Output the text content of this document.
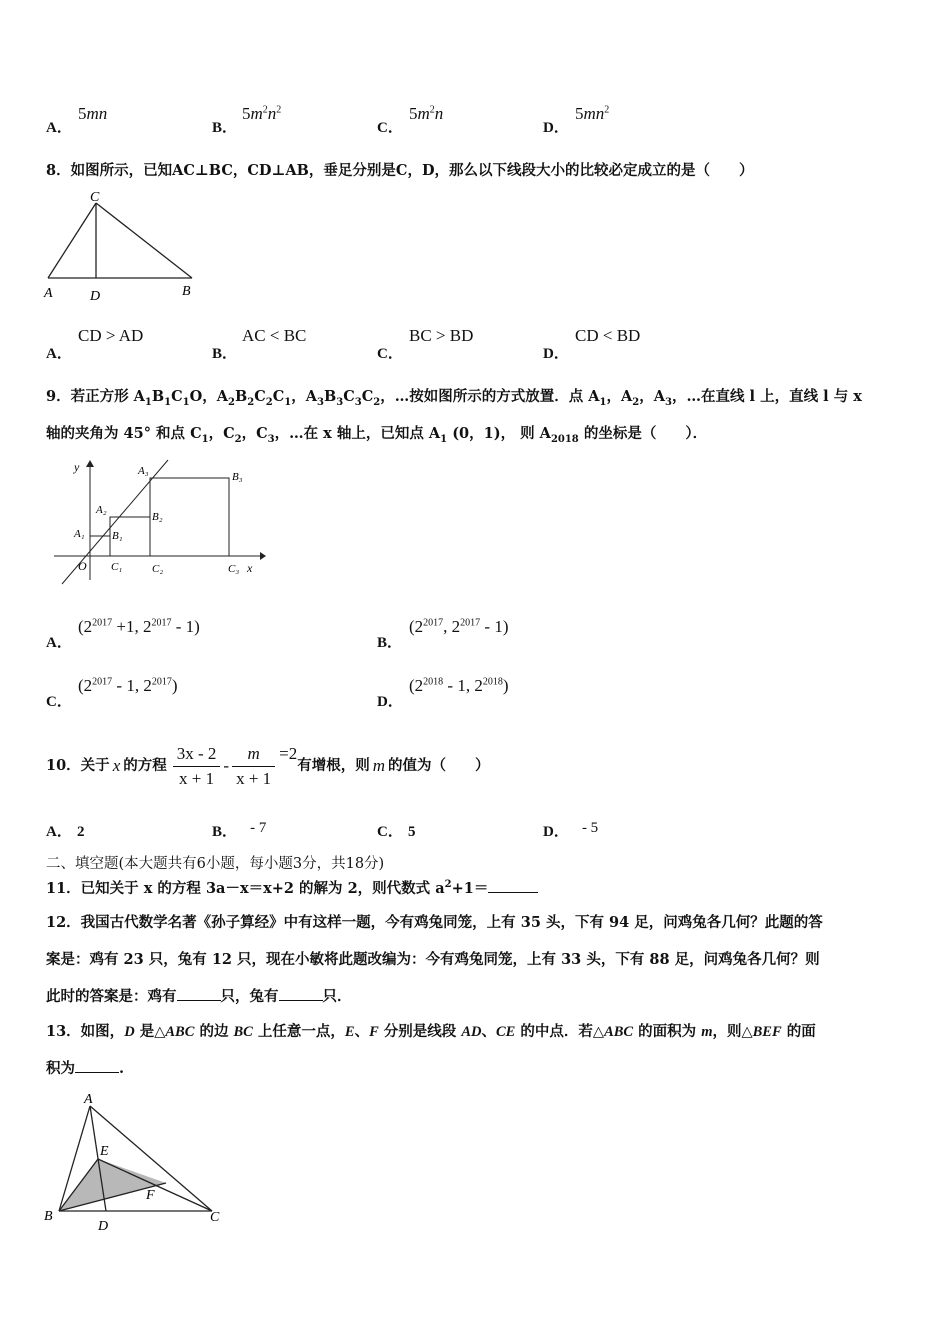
A．
5mn
B．
$5m^2n^2$
C．
$5m^2n$
D．
$5mn^2$
8．如图所示，已知AC⊥BC，CD⊥AB，垂足分别是C，D，那么以下线段大小的比较必定成立的是（　　）
C
A	D	B
A．
CD > AD
B．
AC < BC
C．
BC > BD
D．
CD < BD
9．若正方形 $A_1B_1C_1O$，$A_2B_2C_2C_1$，$A_3B_3C_3C_2$，…按如图所示的方式放置．点 $A_1$，$A_2$，$A_3$，…在直线 l 上，直线 l 与 x
轴的夹角为 45° 和点 $C_1$，$C_2$，$C_3$，…在 x 轴上，已知点 $A_1$ (0，1)， 则 $A_{2018}$ 的坐标是（　　）．
y
x
O
A₁
A₂
A₃
B₁
B₂
B₃
C₁	C₂	C₃
A．
($2^{2017} +1$, $2^{2017} - 1$)
B．
($2^{2017}$, $2^{2017} - 1$)
C．
($2^{2017} - 1$, $2^{2017}$)
D．
($2^{2018} - 1$, $2^{2018}$)
10．关于 x 的方程 $\frac{3x - 2}{x + 1} - \frac{m}{x + 1} =2$
有增根，则 m 的值为（　　）
A． 2	B． - 7	C． 5	D． - 5
二、填空题(本大题共有6小题，每小题3分，共18分)
11．已知关于 x 的方程 3a－x＝x+2 的解为 2，则代数式 $a^2+1=$
12．我国古代数学名著《孙子算经》中有这样一题，今有鸡兔同笼，上有 35 头，下有 94 足，问鸡兔各几何？此题的答
案是：鸡有 23 只，兔有 12 只，现在小敏将此题改编为：今有鸡兔同笼，上有 33 头，下有 88 足，问鸡兔各几何？则
此时的答案是：鸡有	只，兔有	只．
13．如图，D 是△ABC 的边 BC 上任意一点，E、F 分别是线段 AD、CE 的中点．若△ABC 的面积为 m，则△BEF 的面
积为	.
A
B	C
D
E
F
